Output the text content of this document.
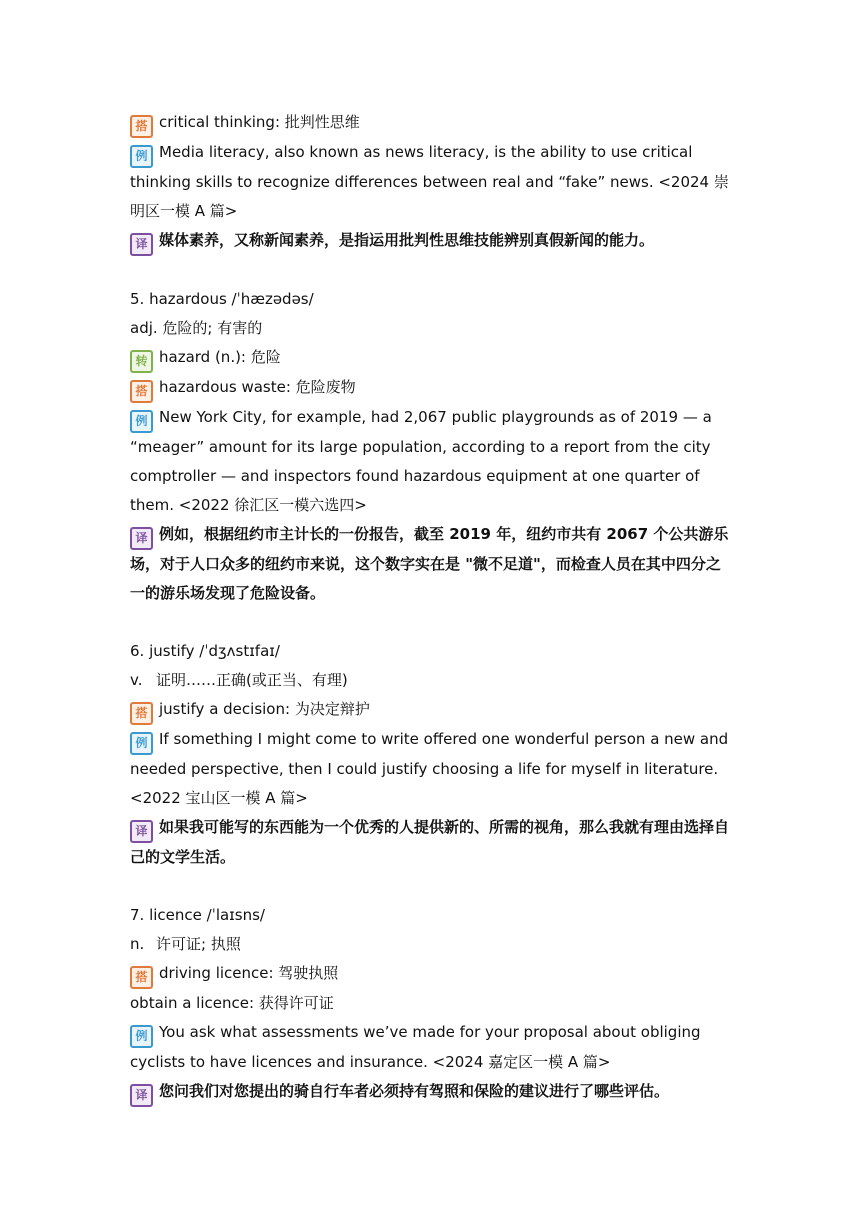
搭 critical thinking: 批判性思维
例 Media literacy, also known as news literacy, is the ability to use critical thinking skills to recognize differences between real and “fake” news. <2024 崇明区一模 A 篇>
译 媒体素养，又称新闻素养，是指运用批判性思维技能辨别真假新闻的能力。
5. hazardous /ˈhæzədəs/
adj. 危险的; 有害的
转 hazard (n.): 危险
搭 hazardous waste: 危险废物
例 New York City, for example, had 2,067 public playgrounds as of 2019 — a “meager” amount for its large population, according to a report from the city comptroller — and inspectors found hazardous equipment at one quarter of them. <2022 徐汇区一模六选四>
译 例如，根据纽约市主计长的一份报告，截至 2019 年，纽约市共有 2067 个公共游乐场，对于人口众多的纽约市来说，这个数字实在是 "微不足道"，而检查人员在其中四分之一的游乐场发现了危险设备。
6. justify /ˈdʒʌstɪfaɪ/
v. 证明……正确(或正当、有理)
搭 justify a decision: 为决定辩护
例 If something I might come to write offered one wonderful person a new and needed perspective, then I could justify choosing a life for myself in literature. <2022 宝山区一模 A 篇>
译 如果我可能写的东西能为一个优秀的人提供新的、所需的视角，那么我就有理由选择自己的文学生活。
7. licence /ˈlaɪsns/
n. 许可证; 执照
搭 driving licence: 驾驶执照
obtain a licence: 获得许可证
例 You ask what assessments we’ve made for your proposal about obliging cyclists to have licences and insurance. <2024 嘉定区一模 A 篇>
译 您问我们对您提出的骑自行车者必须持有驾照和保险的建议进行了哪些评估。
